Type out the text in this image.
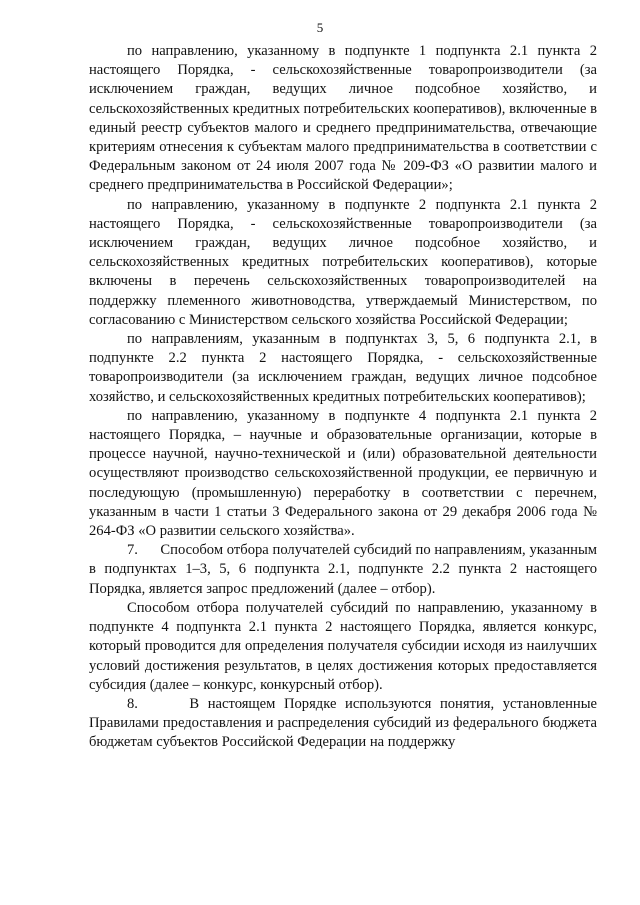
5

по направлению, указанному в подпункте 1 подпункта 2.1 пункта 2 настоящего Порядка, - сельскохозяйственные товаропроизводители (за исключением граждан, ведущих личное подсобное хозяйство, и сельскохозяйственных кредитных потребительских кооперативов), включенные в единый реестр субъектов малого и среднего предпринимательства, отвечающие критериям отнесения к субъектам малого предпринимательства в соответствии с Федеральным законом от 24 июля 2007 года № 209-ФЗ «О развитии малого и среднего предпринимательства в Российской Федерации»;

по направлению, указанному в подпункте 2 подпункта 2.1 пункта 2 настоящего Порядка, - сельскохозяйственные товаропроизводители (за исключением граждан, ведущих личное подсобное хозяйство, и сельскохозяйственных кредитных потребительских кооперативов), которые включены в перечень сельскохозяйственных товаропроизводителей на поддержку племенного животноводства, утверждаемый Министерством, по согласованию с Министерством сельского хозяйства Российской Федерации;

по направлениям, указанным в подпунктах 3, 5, 6 подпункта 2.1, в подпункте 2.2 пункта 2 настоящего Порядка, - сельскохозяйственные товаропроизводители (за исключением граждан, ведущих личное подсобное хозяйство, и сельскохозяйственных кредитных потребительских кооперативов);

по направлению, указанному в подпункте 4 подпункта 2.1 пункта 2 настоящего Порядка, – научные и образовательные организации, которые в процессе научной, научно-технической и (или) образовательной деятельности осуществляют производство сельскохозяйственной продукции, ее первичную и последующую (промышленную) переработку в соответствии с перечнем, указанным в части 1 статьи 3 Федерального закона от 29 декабря 2006 года № 264-ФЗ «О развитии сельского хозяйства».

7.      Способом отбора получателей субсидий по направлениям, указанным в подпунктах 1–3, 5, 6 подпункта 2.1, подпункте 2.2 пункта 2 настоящего Порядка, является запрос предложений (далее – отбор).

Способом отбора получателей субсидий по направлению, указанному в подпункте 4 подпункта 2.1 пункта 2 настоящего Порядка, является конкурс, который проводится для определения получателя субсидии исходя из наилучших условий достижения результатов, в целях достижения которых предоставляется субсидия (далее – конкурс, конкурсный отбор).

8.      В настоящем Порядке используются понятия, установленные Правилами предоставления и распределения субсидий из федерального бюджета бюджетам субъектов Российской Федерации на поддержку
